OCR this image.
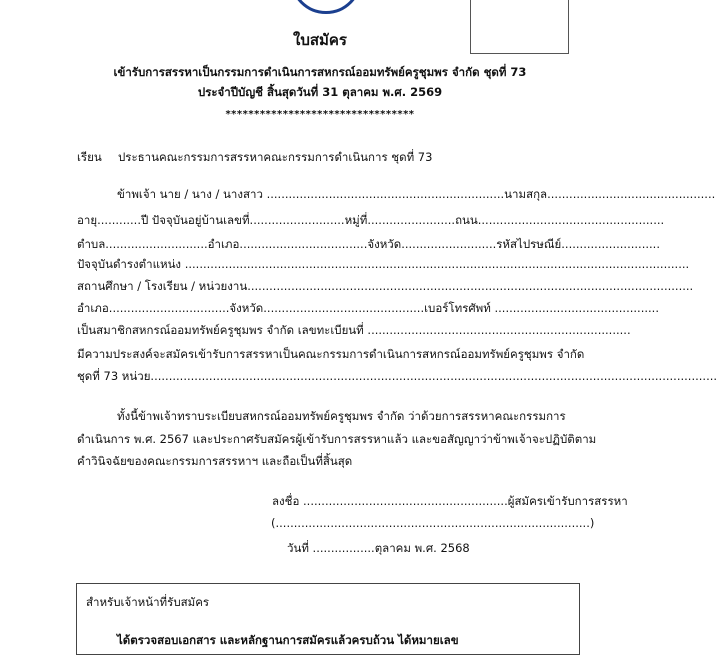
ใบสมัคร
เข้ารับการสรรหาเป็นกรรมการดำเนินการสหกรณ์ออมทรัพย์ครูชุมพร จำกัด ชุดที่ 73
ประจำปีบัญชี สิ้นสุดวันที่ 31 ตุลาคม พ.ศ. 2569
*********************************
เรียน ประธานคณะกรรมการสรรหาคณะกรรมการดำเนินการ ชุดที่ 73
ข้าพเจ้า นาย / นาง / นางสาว .................................................................นามสกุล..............................................
อายุ............ปี ปัจจุบันอยู่บ้านเลขที่..........................หมู่ที่........................ถนน...................................................
ตำบล............................อำเภอ...................................จังหวัด..........................รหัสไปรษณีย์...........................
ปัจจุบันดำรงตำแหน่ง ..........................................................................................................................................
สถานศึกษา / โรงเรียน / หน่วยงาน..........................................................................................................................
อำเภอ.................................จังหวัด............................................เบอร์โทรศัพท์ .............................................
เป็นสมาชิกสหกรณ์ออมทรัพย์ครูชุมพร จำกัด เลขทะเบียนที่ ........................................................................
มีความประสงค์จะสมัครเข้ารับการสรรหาเป็นคณะกรรมการดำเนินการสหกรณ์ออมทรัพย์ครูชุมพร จำกัด
ชุดที่ 73 หน่วย...........................................................................................................................................................
ทั้งนี้ข้าพเจ้าทราบระเบียบสหกรณ์ออมทรัพย์ครูชุมพร จำกัด ว่าด้วยการสรรหาคณะกรรมการ
ดำเนินการ พ.ศ. 2567 และประกาศรับสมัครผู้เข้ารับการสรรหาแล้ว และขอสัญญาว่าข้าพเจ้าจะปฏิบัติตาม
คำวินิจฉัยของคณะกรรมการสรรหาฯ และถือเป็นที่สิ้นสุด
ลงชื่อ ........................................................ผู้สมัครเข้ารับการสรรหา
(......................................................................................)
วันที่ .................ตุลาคม พ.ศ. 2568
สำหรับเจ้าหน้าที่รับสมัคร
ได้ตรวจสอบเอกสาร และหลักฐานการสมัครแล้วครบถ้วน ได้หมายเลข
